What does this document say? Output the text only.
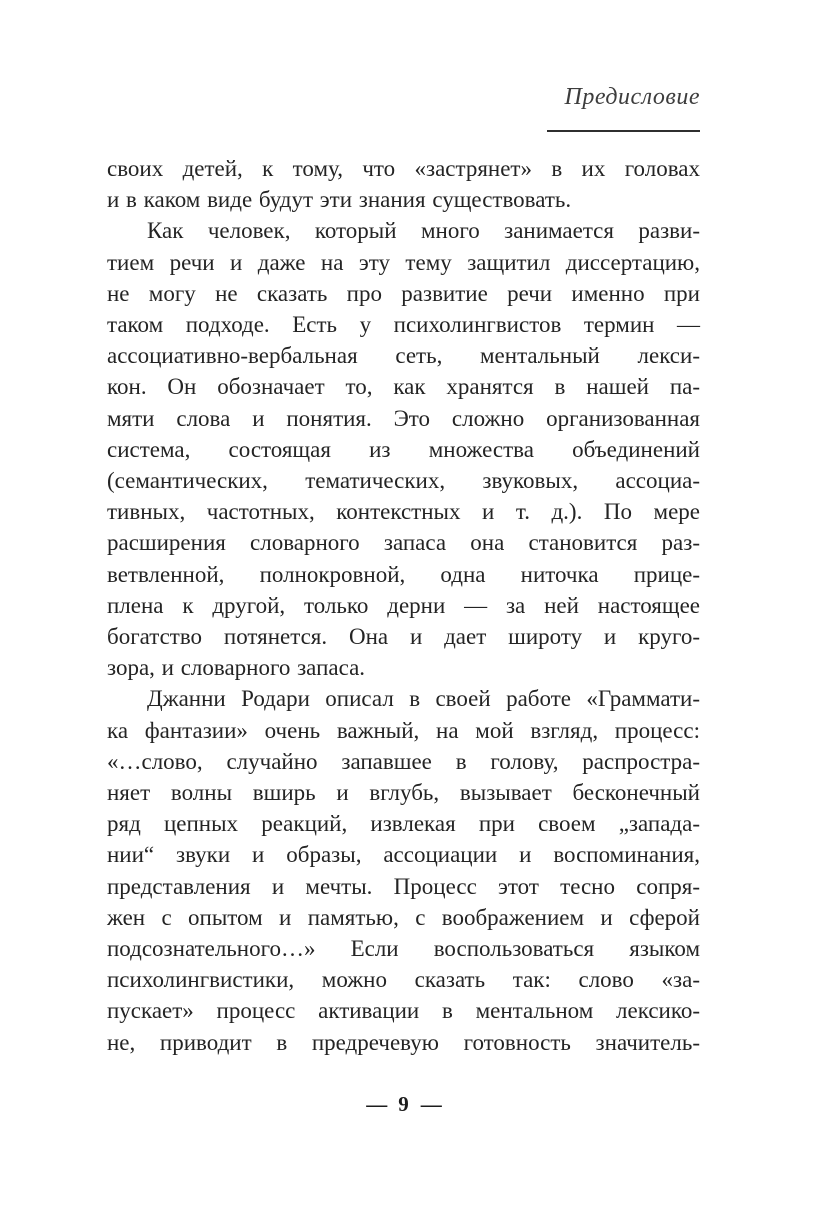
Предисловие
своих детей, к тому, что «застрянет» в их головах
и в каком виде будут эти знания существовать.
Как человек, который много занимается разви-
тием речи и даже на эту тему защитил диссертацию,
не могу не сказать про развитие речи именно при
таком подходе. Есть у психолингвистов термин —
ассоциативно-вербальная сеть, ментальный лекси-
кон. Он обозначает то, как хранятся в нашей па-
мяти слова и понятия. Это сложно организованная
система, состоящая из множества объединений
(семантических, тематических, звуковых, ассоциа-
тивных, частотных, контекстных и т. д.). По мере
расширения словарного запаса она становится раз-
ветвленной, полнокровной, одна ниточка прице-
плена к другой, только дерни — за ней настоящее
богатство потянется. Она и дает широту и круго-
зора, и словарного запаса.
Джанни Родари описал в своей работе «Граммати-
ка фантазии» очень важный, на мой взгляд, процесс:
«…слово, случайно запавшее в голову, распростра-
няет волны вширь и вглубь, вызывает бесконечный
ряд цепных реакций, извлекая при своем „запада-
нии“ звуки и образы, ассоциации и воспоминания,
представления и мечты. Процесс этот тесно сопря-
жен с опытом и памятью, с воображением и сферой
подсознательного…» Если воспользоваться языком
психолингвистики, можно сказать так: слово «за-
пускает» процесс активации в ментальном лексико-
не, приводит в предречевую готовность значитель-
— 9 —
